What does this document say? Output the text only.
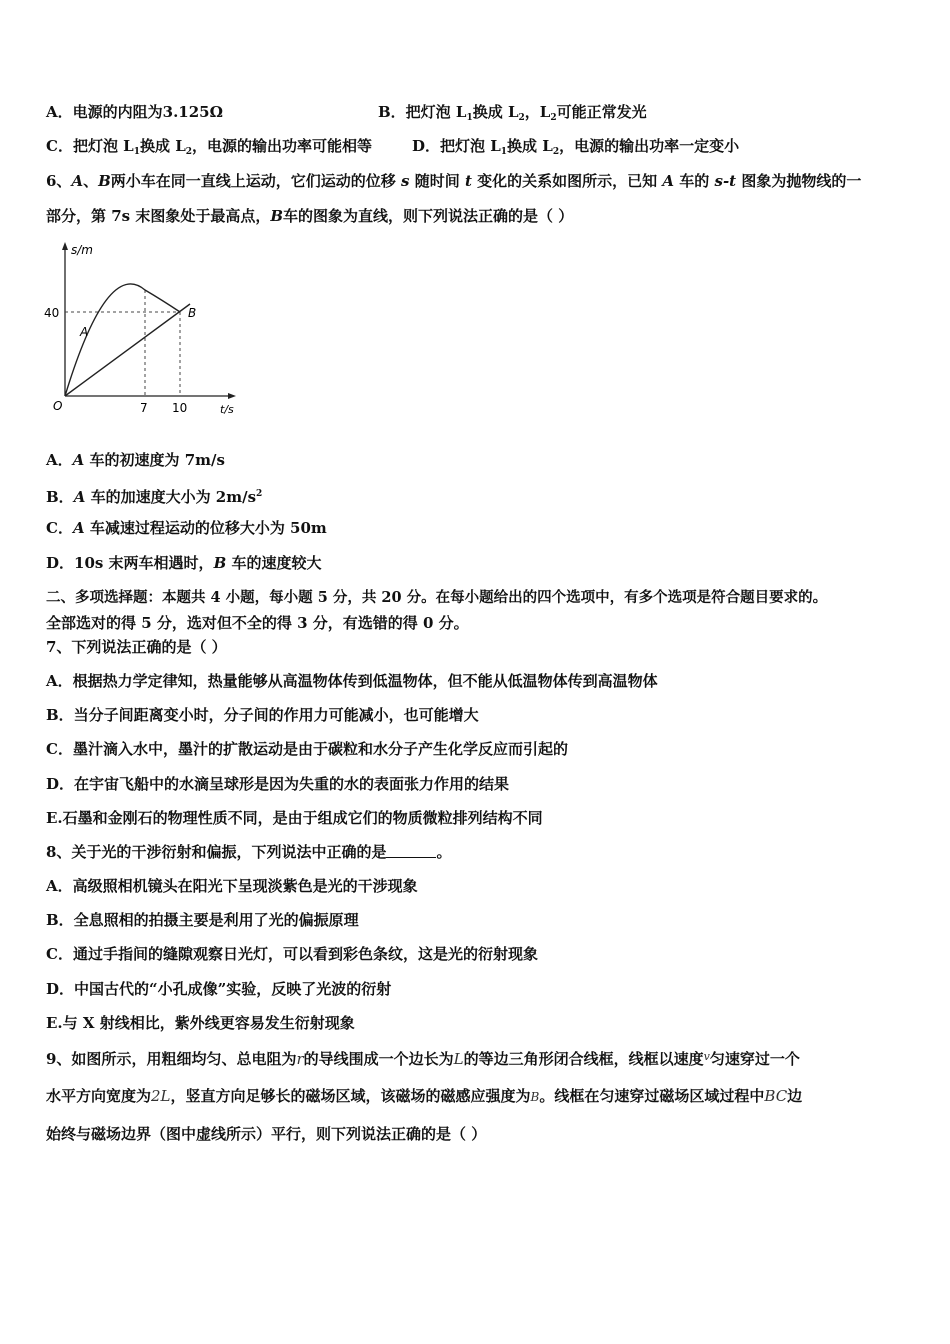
A．电源的内阻为3.125Ω	B．把灯泡 $L_1$换成 $L_2$，$L_2$可能正常发光
C．把灯泡 $L_1$换成 $L_2$，电源的输出功率可能相等	D．把灯泡 $L_1$换成 $L_2$，电源的输出功率一定变小
6、A、B两小车在同一直线上运动，它们运动的位移 s 随时间 t 变化的关系如图所示，已知 A 车的 s-t 图象为抛物线的一
部分，第 7s 末图象处于最高点，B车的图象为直线，则下列说法正确的是（ ）
s/m
t/s
O
40
7 10
A
B
A．A 车的初速度为 7m/s
B．A 车的加速度大小为 $2m/s^2$
C．A 车减速过程运动的位移大小为 50m
D．10s 末两车相遇时，B 车的速度较大
二、多项选择题：本题共 4 小题，每小题 5 分，共 20 分。在每小题给出的四个选项中，有多个选项是符合题目要求的。
全部选对的得 5 分，选对但不全的得 3 分，有选错的得 0 分。
7、下列说法正确的是（ ）
A．根据热力学定律知，热量能够从高温物体传到低温物体，但不能从低温物体传到高温物体
B．当分子间距离变小时，分子间的作用力可能减小，也可能增大
C．墨汁滴入水中，墨汁的扩散运动是由于碳粒和水分子产生化学反应而引起的
D．在宇宙飞船中的水滴呈球形是因为失重的水的表面张力作用的结果
E.石墨和金刚石的物理性质不同，是由于组成它们的物质微粒排列结构不同
8、关于光的干涉衍射和偏振，下列说法中正确的是	。
A．高级照相机镜头在阳光下呈现淡紫色是光的干涉现象
B．全息照相的拍摄主要是利用了光的偏振原理
C．通过手指间的缝隙观察日光灯，可以看到彩色条纹，这是光的衍射现象
D．中国古代的“小孔成像”实验，反映了光波的衍射
E.与 X 射线相比，紫外线更容易发生衍射现象
9、如图所示，用粗细均匀、总电阻为r的导线围成一个边长为L的等边三角形闭合线框，线框以速度$^v$匀速穿过一个
水平方向宽度为2L，竖直方向足够长的磁场区域，该磁场的磁感应强度为B。线框在匀速穿过磁场区域过程中BC边
始终与磁场边界（图中虚线所示）平行，则下列说法正确的是（ ）
